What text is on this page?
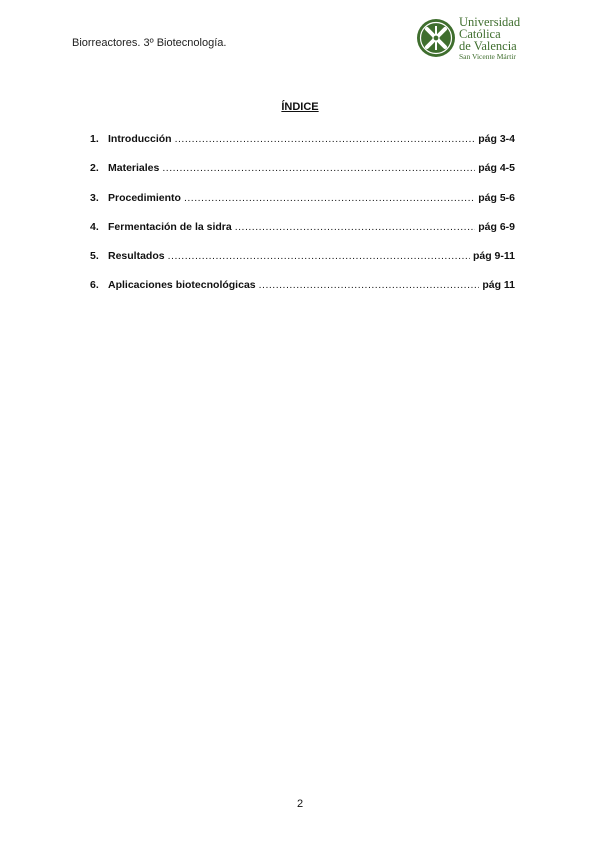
Biorreactores. 3º Biotecnología.
Universidad
Católica
de Valencia
San Vicente Mártir
ÍNDICE
1. Introducción .....	pág 3-4
2. Materiales .....	pág 4-5
3. Procedimiento .....	pág 5-6
4. Fermentación de la sidra .....	pág 6-9
5. Resultados .....	pág 9-11
6. Aplicaciones biotecnológicas .....	pág 11
2
